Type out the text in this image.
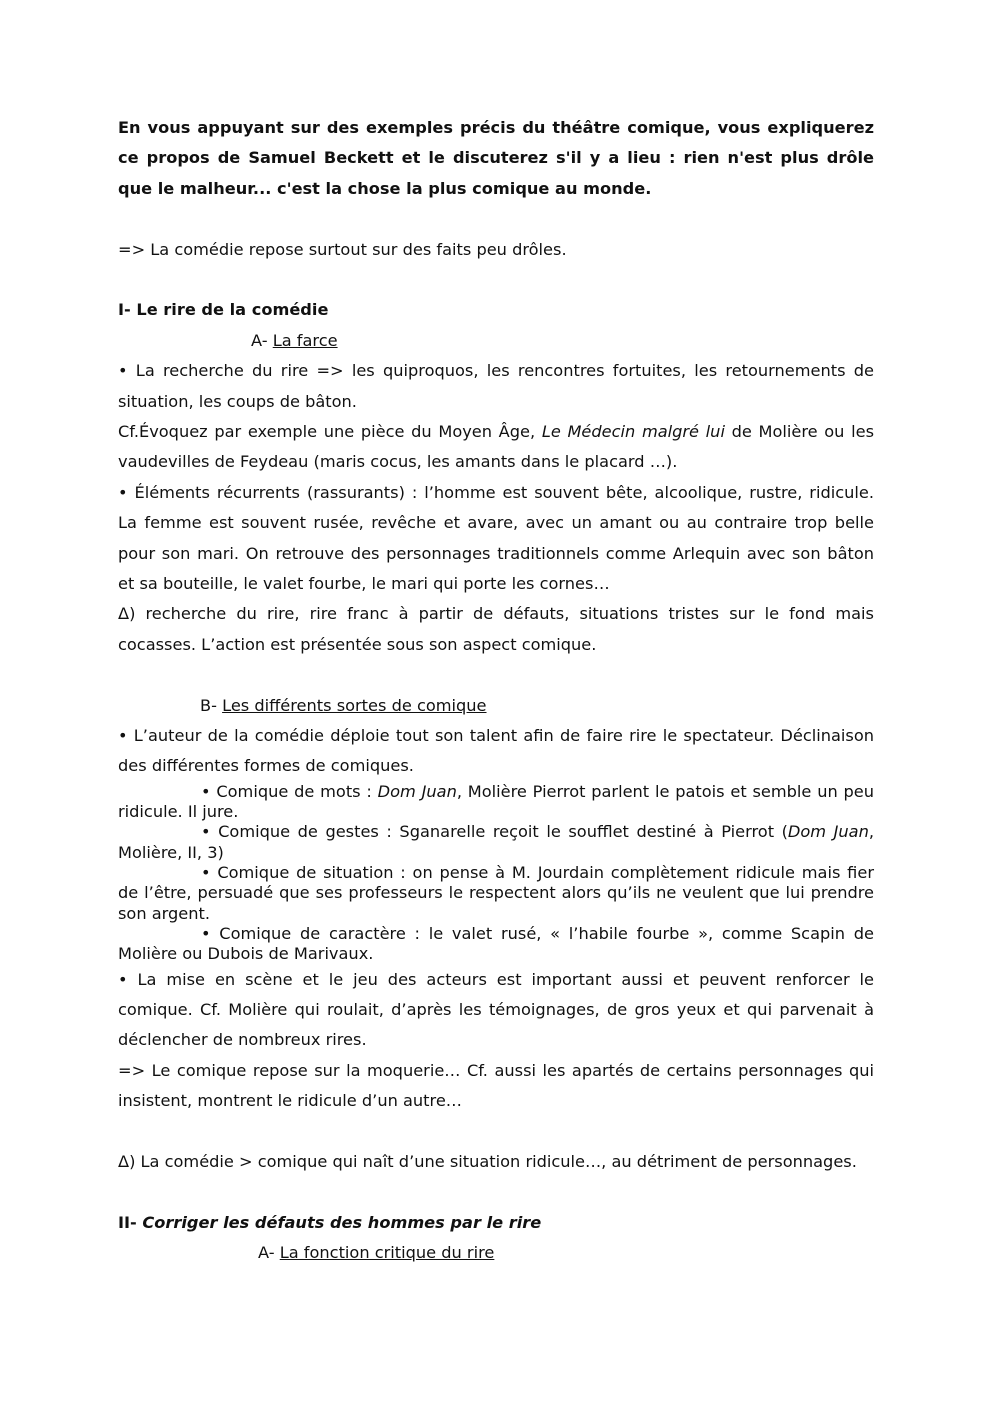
En vous appuyant sur des exemples précis du théâtre comique, vous expliquerez

ce propos de Samuel Beckett et le discuterez s'il y a lieu : rien n'est plus drôle

que le malheur... c'est la chose la plus comique au monde.

=> La comédie repose surtout sur des faits peu drôles.

I- Le rire de la comédie

A- La farce

• La recherche du rire => les quiproquos, les rencontres fortuites, les retournements de situation, les coups de bâton.

Cf.Évoquez par exemple une pièce du Moyen Âge, Le Médecin malgré lui de Molière ou les vaudevilles de Feydeau (maris cocus, les amants dans le placard …).

• Éléments récurrents (rassurants) : l’homme est souvent bête, alcoolique, rustre, ridicule. La femme est souvent rusée, revêche et avare, avec un amant ou au contraire trop belle pour son mari. On retrouve des personnages traditionnels comme Arlequin avec son bâton et sa bouteille, le valet fourbe, le mari qui porte les cornes…

Δ) recherche du rire, rire franc à partir de défauts, situations tristes sur le fond mais cocasses. L’action est présentée sous son aspect comique.

B- Les différents sortes de comique

• L’auteur de la comédie déploie tout son talent afin de faire rire le spectateur. Déclinaison des différentes formes de comiques.

• Comique de mots : Dom Juan, Molière Pierrot parlent le patois et semble un peu ridicule. Il jure.

• Comique de gestes : Sganarelle reçoit le soufflet destiné à Pierrot (Dom Juan, Molière, II, 3)

• Comique de situation : on pense à M. Jourdain complètement ridicule mais fier de l’être, persuadé que ses professeurs le respectent alors qu’ils ne veulent que lui prendre son argent.

• Comique de caractère : le valet rusé, « l’habile fourbe », comme Scapin de Molière ou Dubois de Marivaux.

• La mise en scène et le jeu des acteurs est important aussi et peuvent renforcer le comique. Cf. Molière qui roulait, d’après les témoignages, de gros yeux et qui parvenait à déclencher de nombreux rires.

=> Le comique repose sur la moquerie… Cf. aussi les apartés de certains personnages qui insistent, montrent le ridicule d’un autre…

Δ) La comédie > comique qui naît d’une situation ridicule…, au détriment de personnages.

II- Corriger les défauts des hommes par le rire

A- La fonction critique du rire
